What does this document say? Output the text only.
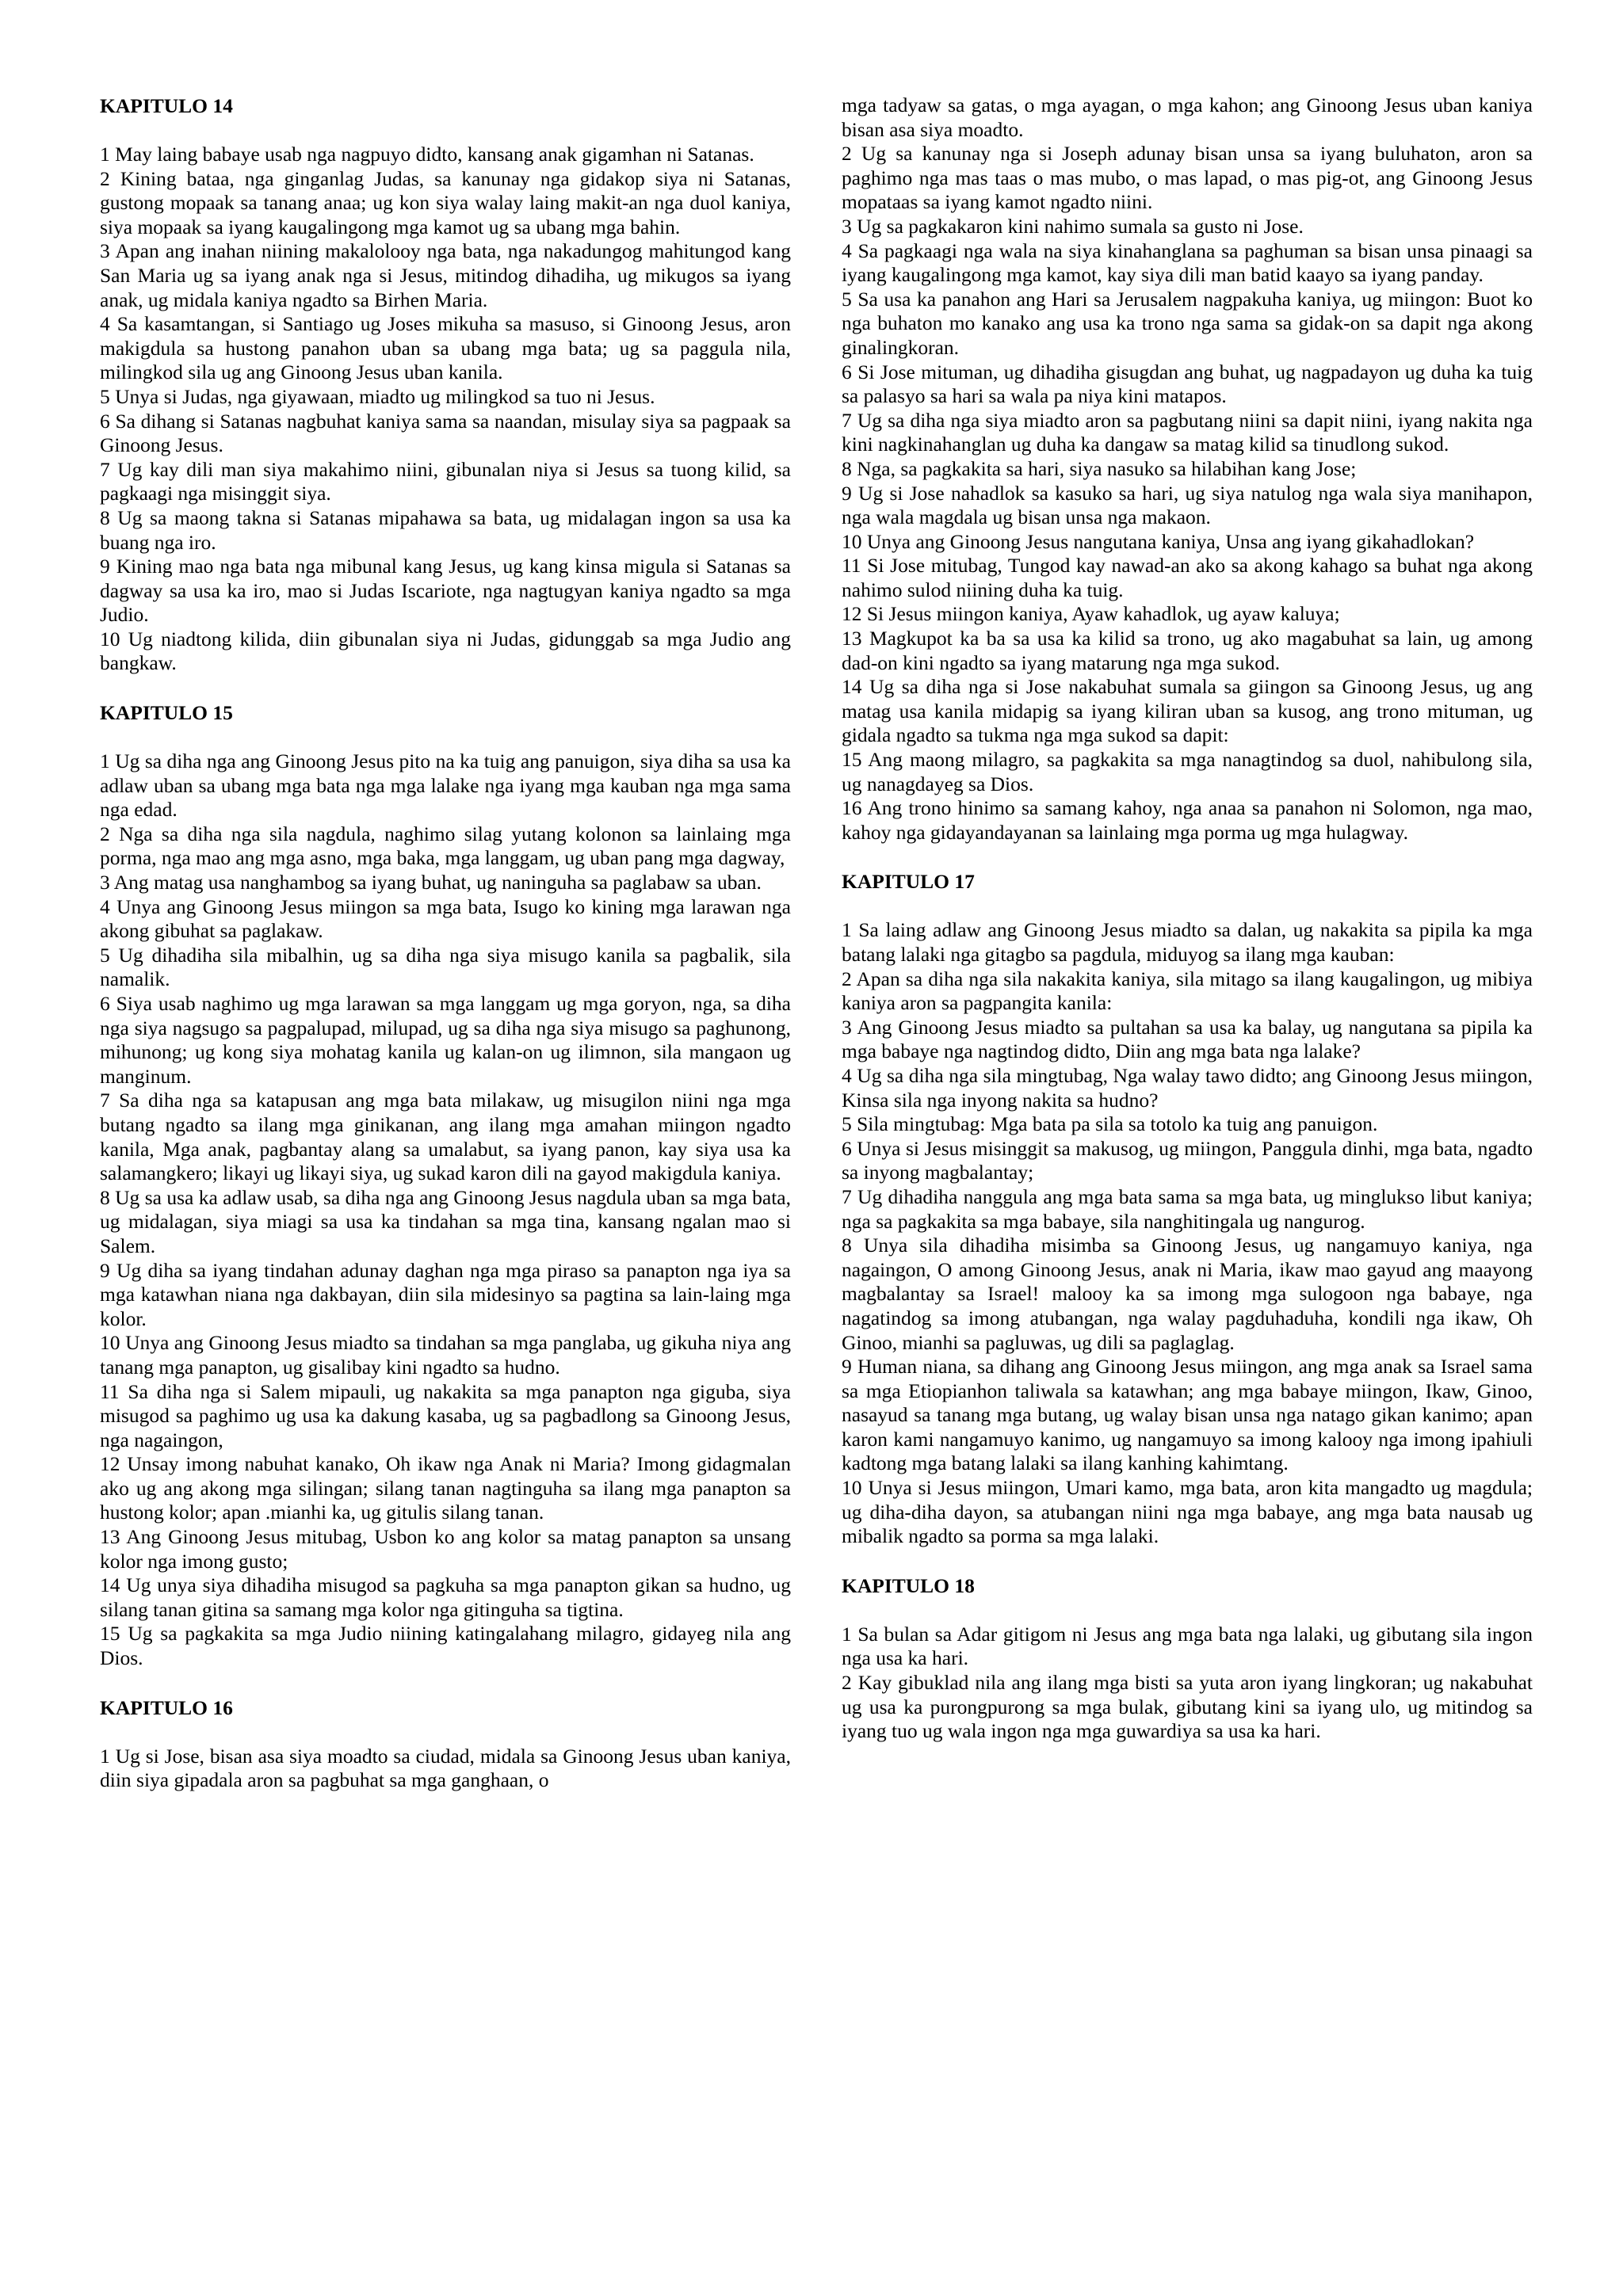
KAPITULO 14

1 May laing babaye usab nga nagpuyo didto, kansang anak gigamhan ni Satanas.

2 Kining bataa, nga ginganlag Judas, sa kanunay nga gidakop siya ni Satanas, gustong mopaak sa tanang anaa; ug kon siya walay laing makit-an nga duol kaniya, siya mopaak sa iyang kaugalingong mga kamot ug sa ubang mga bahin.

3 Apan ang inahan niining makalolooy nga bata, nga nakadungog mahitungod kang San Maria ug sa iyang anak nga si Jesus, mitindog dihadiha, ug mikugos sa iyang anak, ug midala kaniya ngadto sa Birhen Maria.

4 Sa kasamtangan, si Santiago ug Joses mikuha sa masuso, si Ginoong Jesus, aron makigdula sa hustong panahon uban sa ubang mga bata; ug sa paggula nila, milingkod sila ug ang Ginoong Jesus uban kanila.

5 Unya si Judas, nga giyawaan, miadto ug milingkod sa tuo ni Jesus.

6 Sa dihang si Satanas nagbuhat kaniya sama sa naandan, misulay siya sa pagpaak sa Ginoong Jesus.

7 Ug kay dili man siya makahimo niini, gibunalan niya si Jesus sa tuong kilid, sa pagkaagi nga misinggit siya.

8 Ug sa maong takna si Satanas mipahawa sa bata, ug midalagan ingon sa usa ka buang nga iro.

9 Kining mao nga bata nga mibunal kang Jesus, ug kang kinsa migula si Satanas sa dagway sa usa ka iro, mao si Judas Iscariote, nga nagtugyan kaniya ngadto sa mga Judio.

10 Ug niadtong kilida, diin gibunalan siya ni Judas, gidunggab sa mga Judio ang bangkaw.

KAPITULO 15

1 Ug sa diha nga ang Ginoong Jesus pito na ka tuig ang panuigon, siya diha sa usa ka adlaw uban sa ubang mga bata nga mga lalake nga iyang mga kauban nga mga sama nga edad.

2 Nga sa diha nga sila nagdula, naghimo silag yutang kolonon sa lainlaing mga porma, nga mao ang mga asno, mga baka, mga langgam, ug uban pang mga dagway,

3 Ang matag usa nanghambog sa iyang buhat, ug naninguha sa paglabaw sa uban.

4 Unya ang Ginoong Jesus miingon sa mga bata, Isugo ko kining mga larawan nga akong gibuhat sa paglakaw.

5 Ug dihadiha sila mibalhin, ug sa diha nga siya misugo kanila sa pagbalik, sila namalik.

6 Siya usab naghimo ug mga larawan sa mga langgam ug mga goryon, nga, sa diha nga siya nagsugo sa pagpalupad, milupad, ug sa diha nga siya misugo sa paghunong, mihunong; ug kong siya mohatag kanila ug kalan-on ug ilimnon, sila mangaon ug manginum.

7 Sa diha nga sa katapusan ang mga bata milakaw, ug misugilon niini nga mga butang ngadto sa ilang mga ginikanan, ang ilang mga amahan miingon ngadto kanila, Mga anak, pagbantay alang sa umalabut, sa iyang panon, kay siya usa ka salamangkero; likayi ug likayi siya, ug sukad karon dili na gayod makigdula kaniya.

8 Ug sa usa ka adlaw usab, sa diha nga ang Ginoong Jesus nagdula uban sa mga bata, ug midalagan, siya miagi sa usa ka tindahan sa mga tina, kansang ngalan mao si Salem.

9 Ug diha sa iyang tindahan adunay daghan nga mga piraso sa panapton nga iya sa mga katawhan niana nga dakbayan, diin sila midesinyo sa pagtina sa lain-laing mga kolor.

10 Unya ang Ginoong Jesus miadto sa tindahan sa mga panglaba, ug gikuha niya ang tanang mga panapton, ug gisalibay kini ngadto sa hudno.

11 Sa diha nga si Salem mipauli, ug nakakita sa mga panapton nga giguba, siya misugod sa paghimo ug usa ka dakung kasaba, ug sa pagbadlong sa Ginoong Jesus, nga nagaingon,

12 Unsay imong nabuhat kanako, Oh ikaw nga Anak ni Maria? Imong gidagmalan ako ug ang akong mga silingan; silang tanan nagtinguha sa ilang mga panapton sa hustong kolor; apan .mianhi ka, ug gitulis silang tanan.

13 Ang Ginoong Jesus mitubag, Usbon ko ang kolor sa matag panapton sa unsang kolor nga imong gusto;

14 Ug unya siya dihadiha misugod sa pagkuha sa mga panapton gikan sa hudno, ug silang tanan gitina sa samang mga kolor nga gitinguha sa tigtina.

15 Ug sa pagkakita sa mga Judio niining katingalahang milagro, gidayeg nila ang Dios.

KAPITULO 16

1 Ug si Jose, bisan asa siya moadto sa ciudad, midala sa Ginoong Jesus uban kaniya, diin siya gipadala aron sa pagbuhat sa mga ganghaan, o

mga tadyaw sa gatas, o mga ayagan, o mga kahon; ang Ginoong Jesus uban kaniya bisan asa siya moadto.

2 Ug sa kanunay nga si Joseph adunay bisan unsa sa iyang buluhaton, aron sa paghimo nga mas taas o mas mubo, o mas lapad, o mas pig-ot, ang Ginoong Jesus mopataas sa iyang kamot ngadto niini.

3 Ug sa pagkakaron kini nahimo sumala sa gusto ni Jose.

4 Sa pagkaagi nga wala na siya kinahanglana sa paghuman sa bisan unsa pinaagi sa iyang kaugalingong mga kamot, kay siya dili man batid kaayo sa iyang panday.

5 Sa usa ka panahon ang Hari sa Jerusalem nagpakuha kaniya, ug miingon: Buot ko nga buhaton mo kanako ang usa ka trono nga sama sa gidak-on sa dapit nga akong ginalingkoran.

6 Si Jose mituman, ug dihadiha gisugdan ang buhat, ug nagpadayon ug duha ka tuig sa palasyo sa hari sa wala pa niya kini matapos.

7 Ug sa diha nga siya miadto aron sa pagbutang niini sa dapit niini, iyang nakita nga kini nagkinahanglan ug duha ka dangaw sa matag kilid sa tinudlong sukod.

8 Nga, sa pagkakita sa hari, siya nasuko sa hilabihan kang Jose;

9 Ug si Jose nahadlok sa kasuko sa hari, ug siya natulog nga wala siya manihapon, nga wala magdala ug bisan unsa nga makaon.

10 Unya ang Ginoong Jesus nangutana kaniya, Unsa ang iyang gikahadlokan?

11 Si Jose mitubag, Tungod kay nawad-an ako sa akong kahago sa buhat nga akong nahimo sulod niining duha ka tuig.

12 Si Jesus miingon kaniya, Ayaw kahadlok, ug ayaw kaluya;

13 Magkupot ka ba sa usa ka kilid sa trono, ug ako magabuhat sa lain, ug among dad-on kini ngadto sa iyang matarung nga mga sukod.

14 Ug sa diha nga si Jose nakabuhat sumala sa giingon sa Ginoong Jesus, ug ang matag usa kanila midapig sa iyang kiliran uban sa kusog, ang trono mituman, ug gidala ngadto sa tukma nga mga sukod sa dapit:

15 Ang maong milagro, sa pagkakita sa mga nanagtindog sa duol, nahibulong sila, ug nanagdayeg sa Dios.

16 Ang trono hinimo sa samang kahoy, nga anaa sa panahon ni Solomon, nga mao, kahoy nga gidayandayanan sa lainlaing mga porma ug mga hulagway.

KAPITULO 17

1 Sa laing adlaw ang Ginoong Jesus miadto sa dalan, ug nakakita sa pipila ka mga batang lalaki nga gitagbo sa pagdula, miduyog sa ilang mga kauban:

2 Apan sa diha nga sila nakakita kaniya, sila mitago sa ilang kaugalingon, ug mibiya kaniya aron sa pagpangita kanila:

3 Ang Ginoong Jesus miadto sa pultahan sa usa ka balay, ug nangutana sa pipila ka mga babaye nga nagtindog didto, Diin ang mga bata nga lalake?

4 Ug sa diha nga sila mingtubag, Nga walay tawo didto; ang Ginoong Jesus miingon, Kinsa sila nga inyong nakita sa hudno?

5 Sila mingtubag: Mga bata pa sila sa totolo ka tuig ang panuigon.

6 Unya si Jesus misinggit sa makusog, ug miingon, Panggula dinhi, mga bata, ngadto sa inyong magbalantay;

7 Ug dihadiha nanggula ang mga bata sama sa mga bata, ug minglukso libut kaniya; nga sa pagkakita sa mga babaye, sila nanghitingala ug nangurog.

8 Unya sila dihadiha misimba sa Ginoong Jesus, ug nangamuyo kaniya, nga nagaingon, O among Ginoong Jesus, anak ni Maria, ikaw mao gayud ang maayong magbalantay sa Israel! malooy ka sa imong mga sulogoon nga babaye, nga nagatindog sa imong atubangan, nga walay pagduhaduha, kondili nga ikaw, Oh Ginoo, mianhi sa pagluwas, ug dili sa paglaglag.

9 Human niana, sa dihang ang Ginoong Jesus miingon, ang mga anak sa Israel sama sa mga Etiopianhon taliwala sa katawhan; ang mga babaye miingon, Ikaw, Ginoo, nasayud sa tanang mga butang, ug walay bisan unsa nga natago gikan kanimo; apan karon kami nangamuyo kanimo, ug nangamuyo sa imong kalooy nga imong ipahiuli kadtong mga batang lalaki sa ilang kanhing kahimtang.

10 Unya si Jesus miingon, Umari kamo, mga bata, aron kita mangadto ug magdula; ug diha-diha dayon, sa atubangan niini nga mga babaye, ang mga bata nausab ug mibalik ngadto sa porma sa mga lalaki.

KAPITULO 18

1 Sa bulan sa Adar gitigom ni Jesus ang mga bata nga lalaki, ug gibutang sila ingon nga usa ka hari.

2 Kay gibuklad nila ang ilang mga bisti sa yuta aron iyang lingkoran; ug nakabuhat ug usa ka purongpurong sa mga bulak, gibutang kini sa iyang ulo, ug mitindog sa iyang tuo ug wala ingon nga mga guwardiya sa usa ka hari.
